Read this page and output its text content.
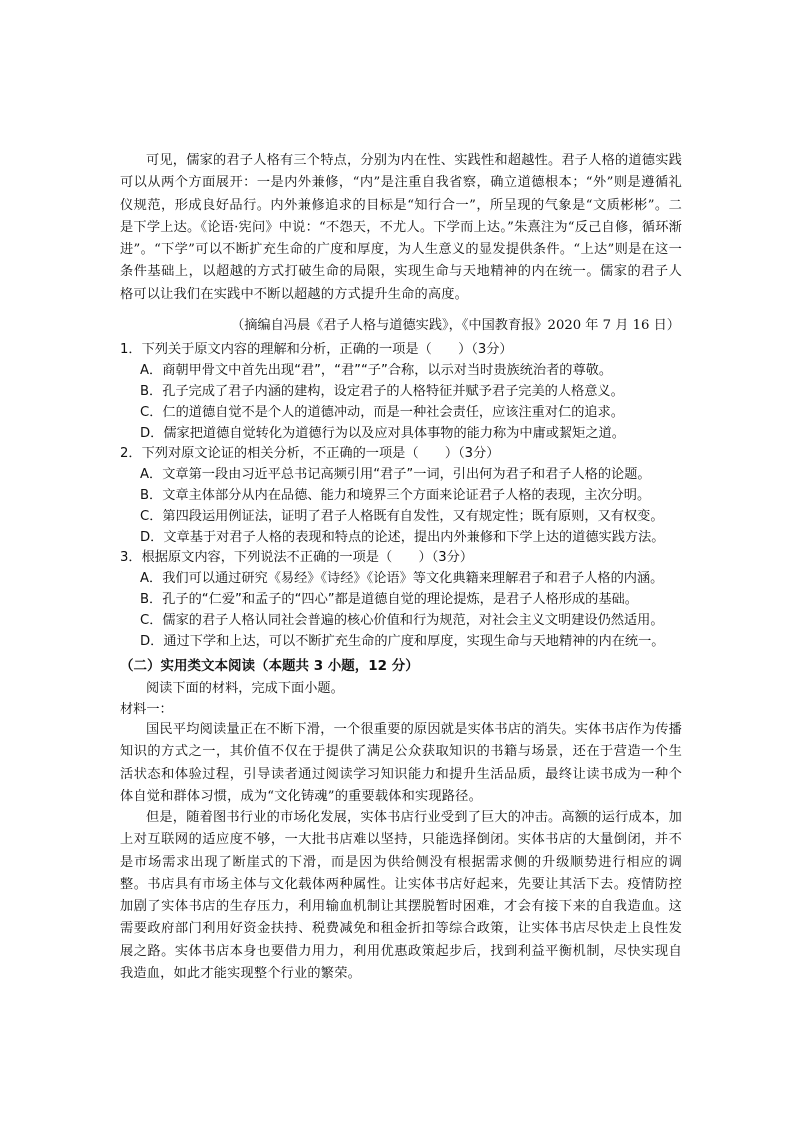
可见，儒家的君子人格有三个特点，分别为内在性、实践性和超越性。君子人格的道德实践可以从两个方面展开：一是内外兼修，“内”是注重自我省察，确立道德根本；“外”则是遵循礼仪规范，形成良好品行。内外兼修追求的目标是“知行合一”，所呈现的气象是“文质彬彬”。二是下学上达。《论语·宪问》中说：“不怨天，不尤人。下学而上达。”朱熹注为“反己自修，循环渐进”。“下学”可以不断扩充生命的广度和厚度，为人生意义的显发提供条件。“上达”则是在这一条件基础上，以超越的方式打破生命的局限，实现生命与天地精神的内在统一。儒家的君子人格可以让我们在实践中不断以超越的方式提升生命的高度。

（摘编自冯晨《君子人格与道德实践》，《中国教育报》2020 年 7 月 16 日）

1．下列关于原文内容的理解和分析，正确的一项是（　　）（3分）

A．商朝甲骨文中首先出现“君”，“君”“子”合称，以示对当时贵族统治者的尊敬。

B．孔子完成了君子内涵的建构，设定君子的人格特征并赋予君子完美的人格意义。

C．仁的道德自觉不是个人的道德冲动，而是一种社会责任，应该注重对仁的追求。

D．儒家把道德自觉转化为道德行为以及应对具体事物的能力称为中庸或絜矩之道。

2．下列对原文论证的相关分析，不正确的一项是（　　）（3分）

A．文章第一段由习近平总书记高频引用“君子”一词，引出何为君子和君子人格的论题。

B．文章主体部分从内在品德、能力和境界三个方面来论证君子人格的表现，主次分明。

C．第四段运用例证法，证明了君子人格既有自发性，又有规定性；既有原则，又有权变。

D．文章基于对君子人格的表现和特点的论述，提出内外兼修和下学上达的道德实践方法。

3．根据原文内容，下列说法不正确的一项是（　　）（3分）

A．我们可以通过研究《易经》《诗经》《论语》等文化典籍来理解君子和君子人格的内涵。

B．孔子的“仁爱”和孟子的“四心”都是道德自觉的理论提炼，是君子人格形成的基础。

C．儒家的君子人格认同社会普遍的核心价值和行为规范，对社会主义文明建设仍然适用。

D．通过下学和上达，可以不断扩充生命的广度和厚度，实现生命与天地精神的内在统一。

（二）实用类文本阅读（本题共 3 小题，12 分）

阅读下面的材料，完成下面小题。

材料一：

国民平均阅读量正在不断下滑，一个很重要的原因就是实体书店的消失。实体书店作为传播知识的方式之一，其价值不仅在于提供了满足公众获取知识的书籍与场景，还在于营造一个生活状态和体验过程，引导读者通过阅读学习知识能力和提升生活品质，最终让读书成为一种个体自觉和群体习惯，成为“文化铸魂”的重要载体和实现路径。

但是，随着图书行业的市场化发展，实体书店行业受到了巨大的冲击。高额的运行成本，加上对互联网的适应度不够，一大批书店难以坚持，只能选择倒闭。实体书店的大量倒闭，并不是市场需求出现了断崖式的下滑，而是因为供给侧没有根据需求侧的升级顺势进行相应的调整。书店具有市场主体与文化载体两种属性。让实体书店好起来，先要让其活下去。疫情防控加剧了实体书店的生存压力，利用输血机制让其摆脱暂时困难，才会有接下来的自我造血。这需要政府部门利用好资金扶持、税费减免和租金折扣等综合政策，让实体书店尽快走上良性发展之路。实体书店本身也要借力用力，利用优惠政策起步后，找到利益平衡机制，尽快实现自我造血，如此才能实现整个行业的繁荣。
